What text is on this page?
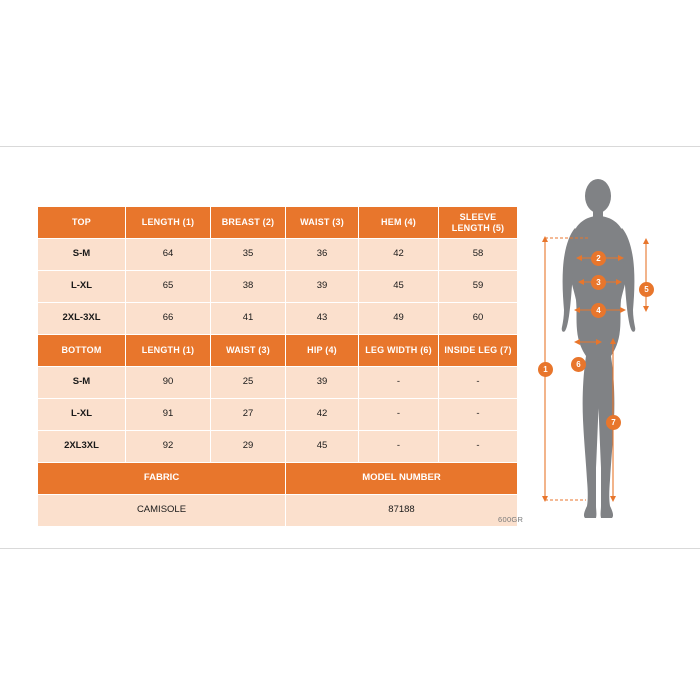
TOP	LENGTH (1)	BREAST (2)	WAIST (3)	HEM (4)	SLEEVE LENGTH (5)
S-M	64	35	36	42	58
L-XL	65	38	39	45	59
2XL-3XL	66	41	43	49	60
BOTTOM	LENGTH (1)	WAIST (3)	HIP (4)	LEG WIDTH (6)	INSIDE LEG (7)
S-M	90	25	39	-	-
L-XL	91	27	42	-	-
2XL3XL	92	29	45	-	-
FABRIC			MODEL NUMBER		
CAMISOLE			87188		
600GR
1
2
3
4
5
6
7
